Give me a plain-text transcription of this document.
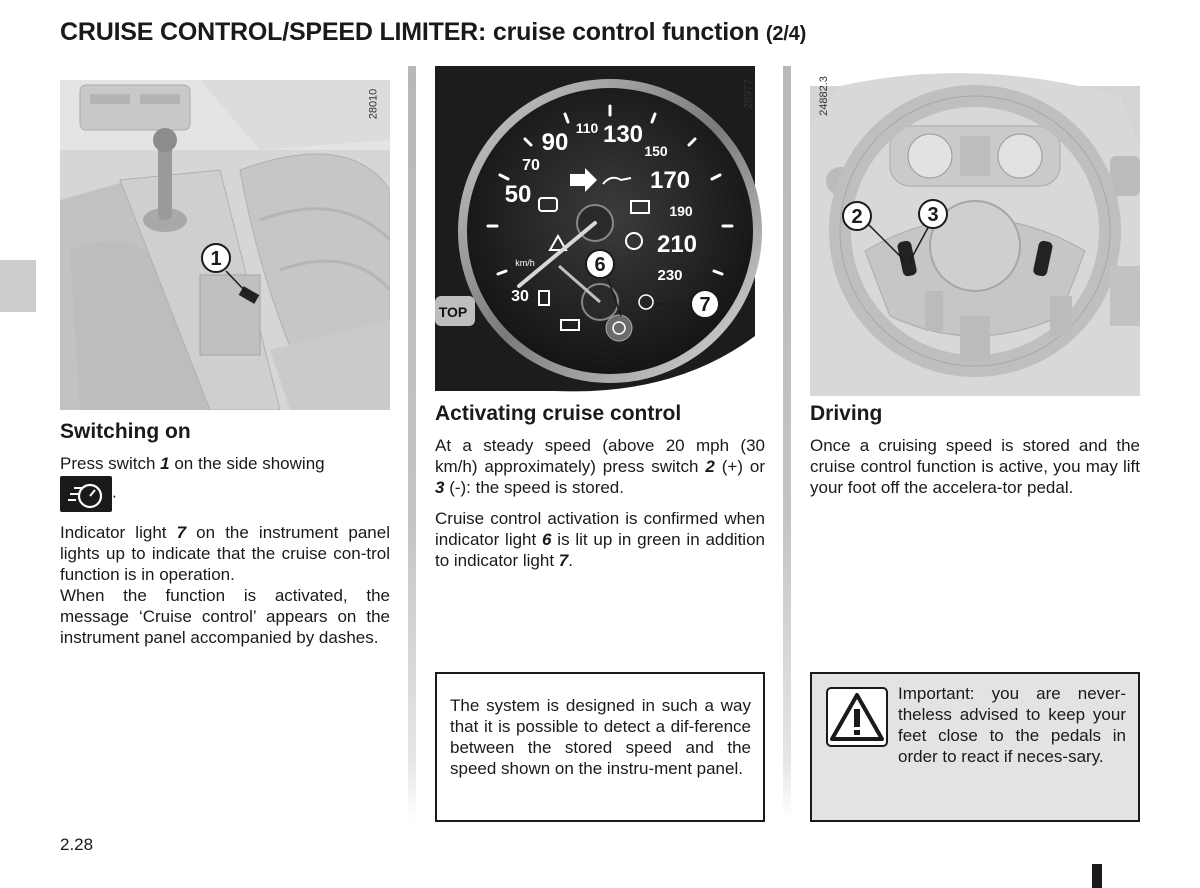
CRUISE CONTROL/SPEED LIMITER: cruise control function (2/4)
1
28010
TOP
30
50
70
90
110 130
150
170
190
210
230
km/h	6
7
28977
2	3
24882.3
Switching on

Press switch 1 on the side showing

.

Indicator light 7 on the instrument panel lights up to indicate that the cruise con-trol function is in operation.

When the function is activated, the message ‘Cruise control’ appears on the instrument panel accompanied by dashes.

Activating cruise control

At a steady speed (above 20 mph (30 km/h) approximately) press switch 2 (+) or 3 (-): the speed is stored.

Cruise control activation is confirmed when indicator light 6 is lit up in green in addition to indicator light 7.

The system is designed in such a way that it is possible to detect a dif-ference between the stored speed and the speed shown on the instru-ment panel.
Driving

Once a cruising speed is stored and the cruise control function is active, you may lift your foot off the accelera-tor pedal.

Important: you are never-theless advised to keep your feet close to the pedals in order to react if neces-sary.
2.28
